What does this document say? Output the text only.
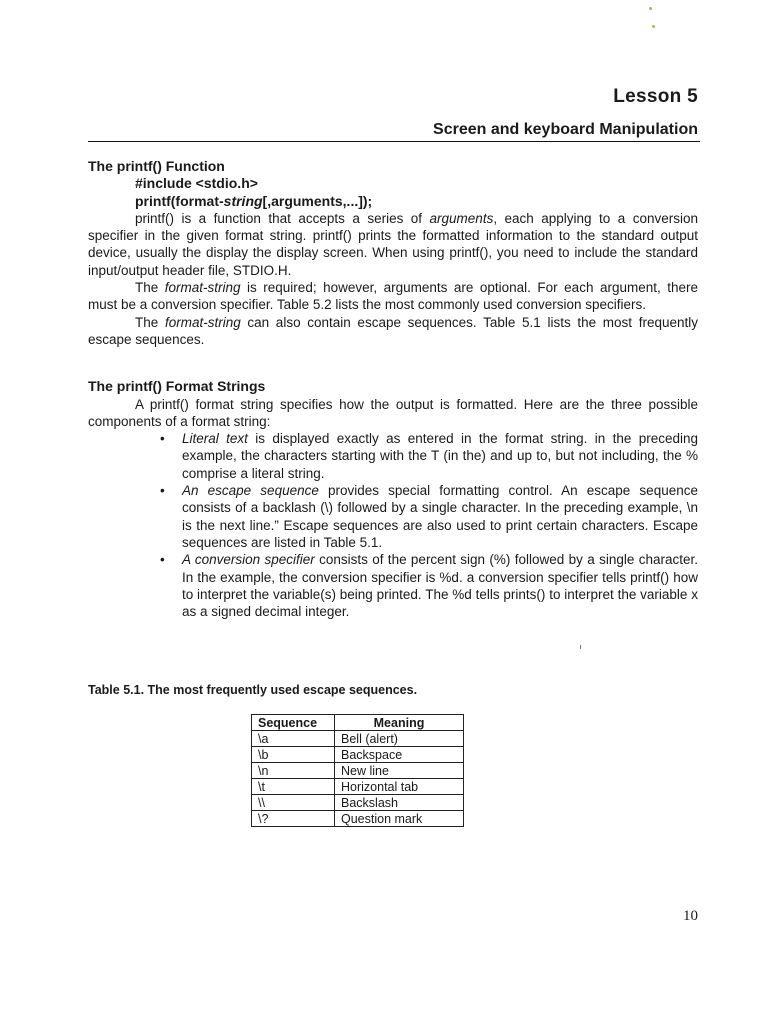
Lesson 5
Screen and keyboard Manipulation
The printf() Function
#include <stdio.h>
printf(format-string[,arguments,...]);

printf() is a function that accepts a series of arguments, each applying to a conversion specifier in the given format string. printf() prints the formatted information to the standard output device, usually the display the display screen. When using printf(), you need to include the standard input/output header file, STDIO.H.

The format-string is required; however, arguments are optional. For each argument, there must be a conversion specifier. Table 5.2 lists the most commonly used conversion specifiers.

The format-string can also contain escape sequences. Table 5.1 lists the most frequently escape sequences.

The printf() Format Strings

A printf() format string specifies how the output is formatted. Here are the three possible components of a format string:

• Literal text is displayed exactly as entered in the format string. in the preceding example, the characters starting with the T (in the) and up to, but not including, the % comprise a literal string.
• An escape sequence provides special formatting control. An escape sequence consists of a backlash (\) followed by a single character. In the preceding example, \n is the next line.” Escape sequences are also used to print certain characters. Escape sequences are listed in Table 5.1.
• A conversion specifier consists of the percent sign (%) followed by a single character. In the example, the conversion specifier is %d. a conversion specifier tells printf() how to interpret the variable(s) being printed. The %d tells prints() to interpret the variable x as a signed decimal integer.
Table 5.1. The most frequently used escape sequences.
Sequence	Meaning
\a	Bell (alert)
\b	Backspace
\n	New line
\t	Horizontal tab
\\	Backslash
\?	Question mark
10
